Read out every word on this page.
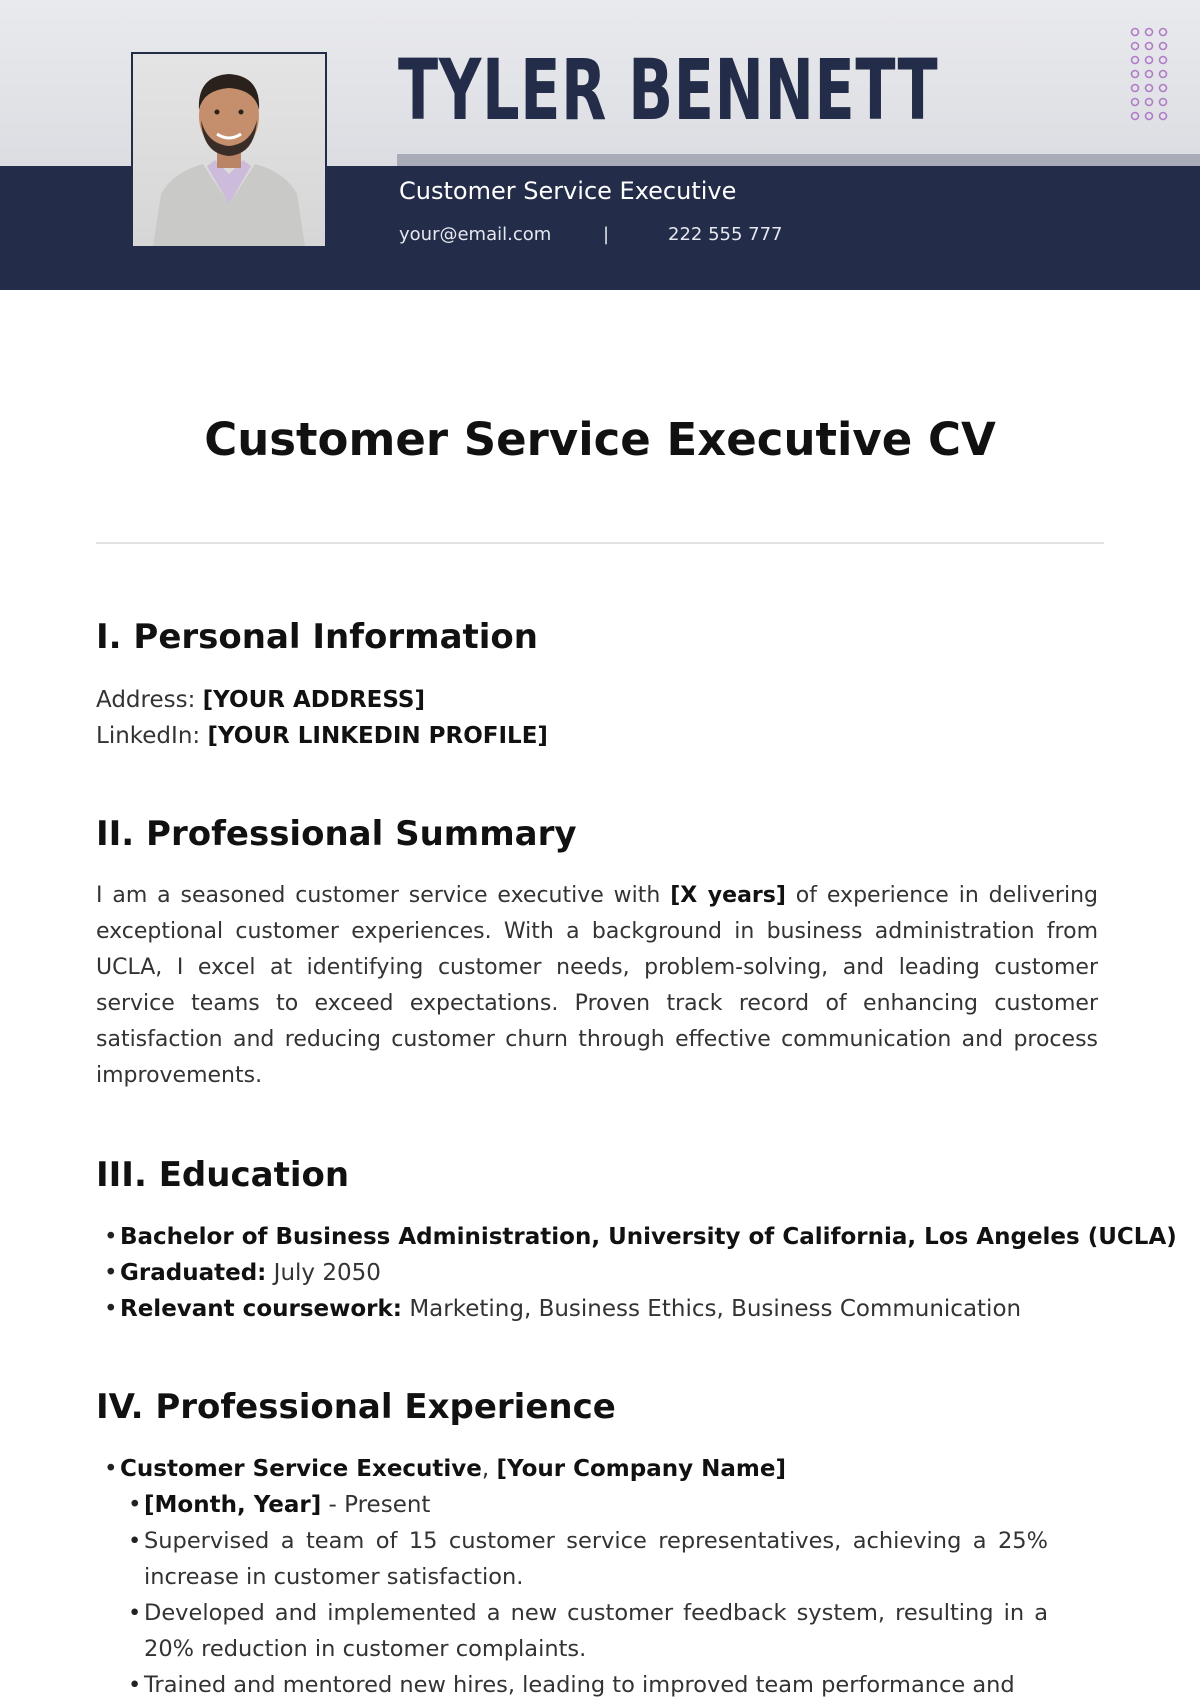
TYLER BENNETT
Customer Service Executive
your@email.com	|	222 555 777
Customer Service Executive CV
I. Personal Information
Address: [YOUR ADDRESS]
LinkedIn: [YOUR LINKEDIN PROFILE]
II. Professional Summary

I am a seasoned customer service executive with [X years] of experience in delivering exceptional customer experiences. With a background in business administration from UCLA, I excel at identifying customer needs, problem-solving, and leading customer service teams to exceed expectations. Proven track record of enhancing customer satisfaction and reducing customer churn through effective communication and process improvements.

III. Education
• Bachelor of Business Administration, University of California, Los Angeles (UCLA)
• Graduated: July 2050
• Relevant coursework: Marketing, Business Ethics, Business Communication
IV. Professional Experience
• Customer Service Executive, [Your Company Name]
• [Month, Year] - Present
• Supervised a team of 15 customer service representatives, achieving a 25% increase in customer satisfaction.
• Developed and implemented a new customer feedback system, resulting in a 20% reduction in customer complaints.
• Trained and mentored new hires, leading to improved team performance and
